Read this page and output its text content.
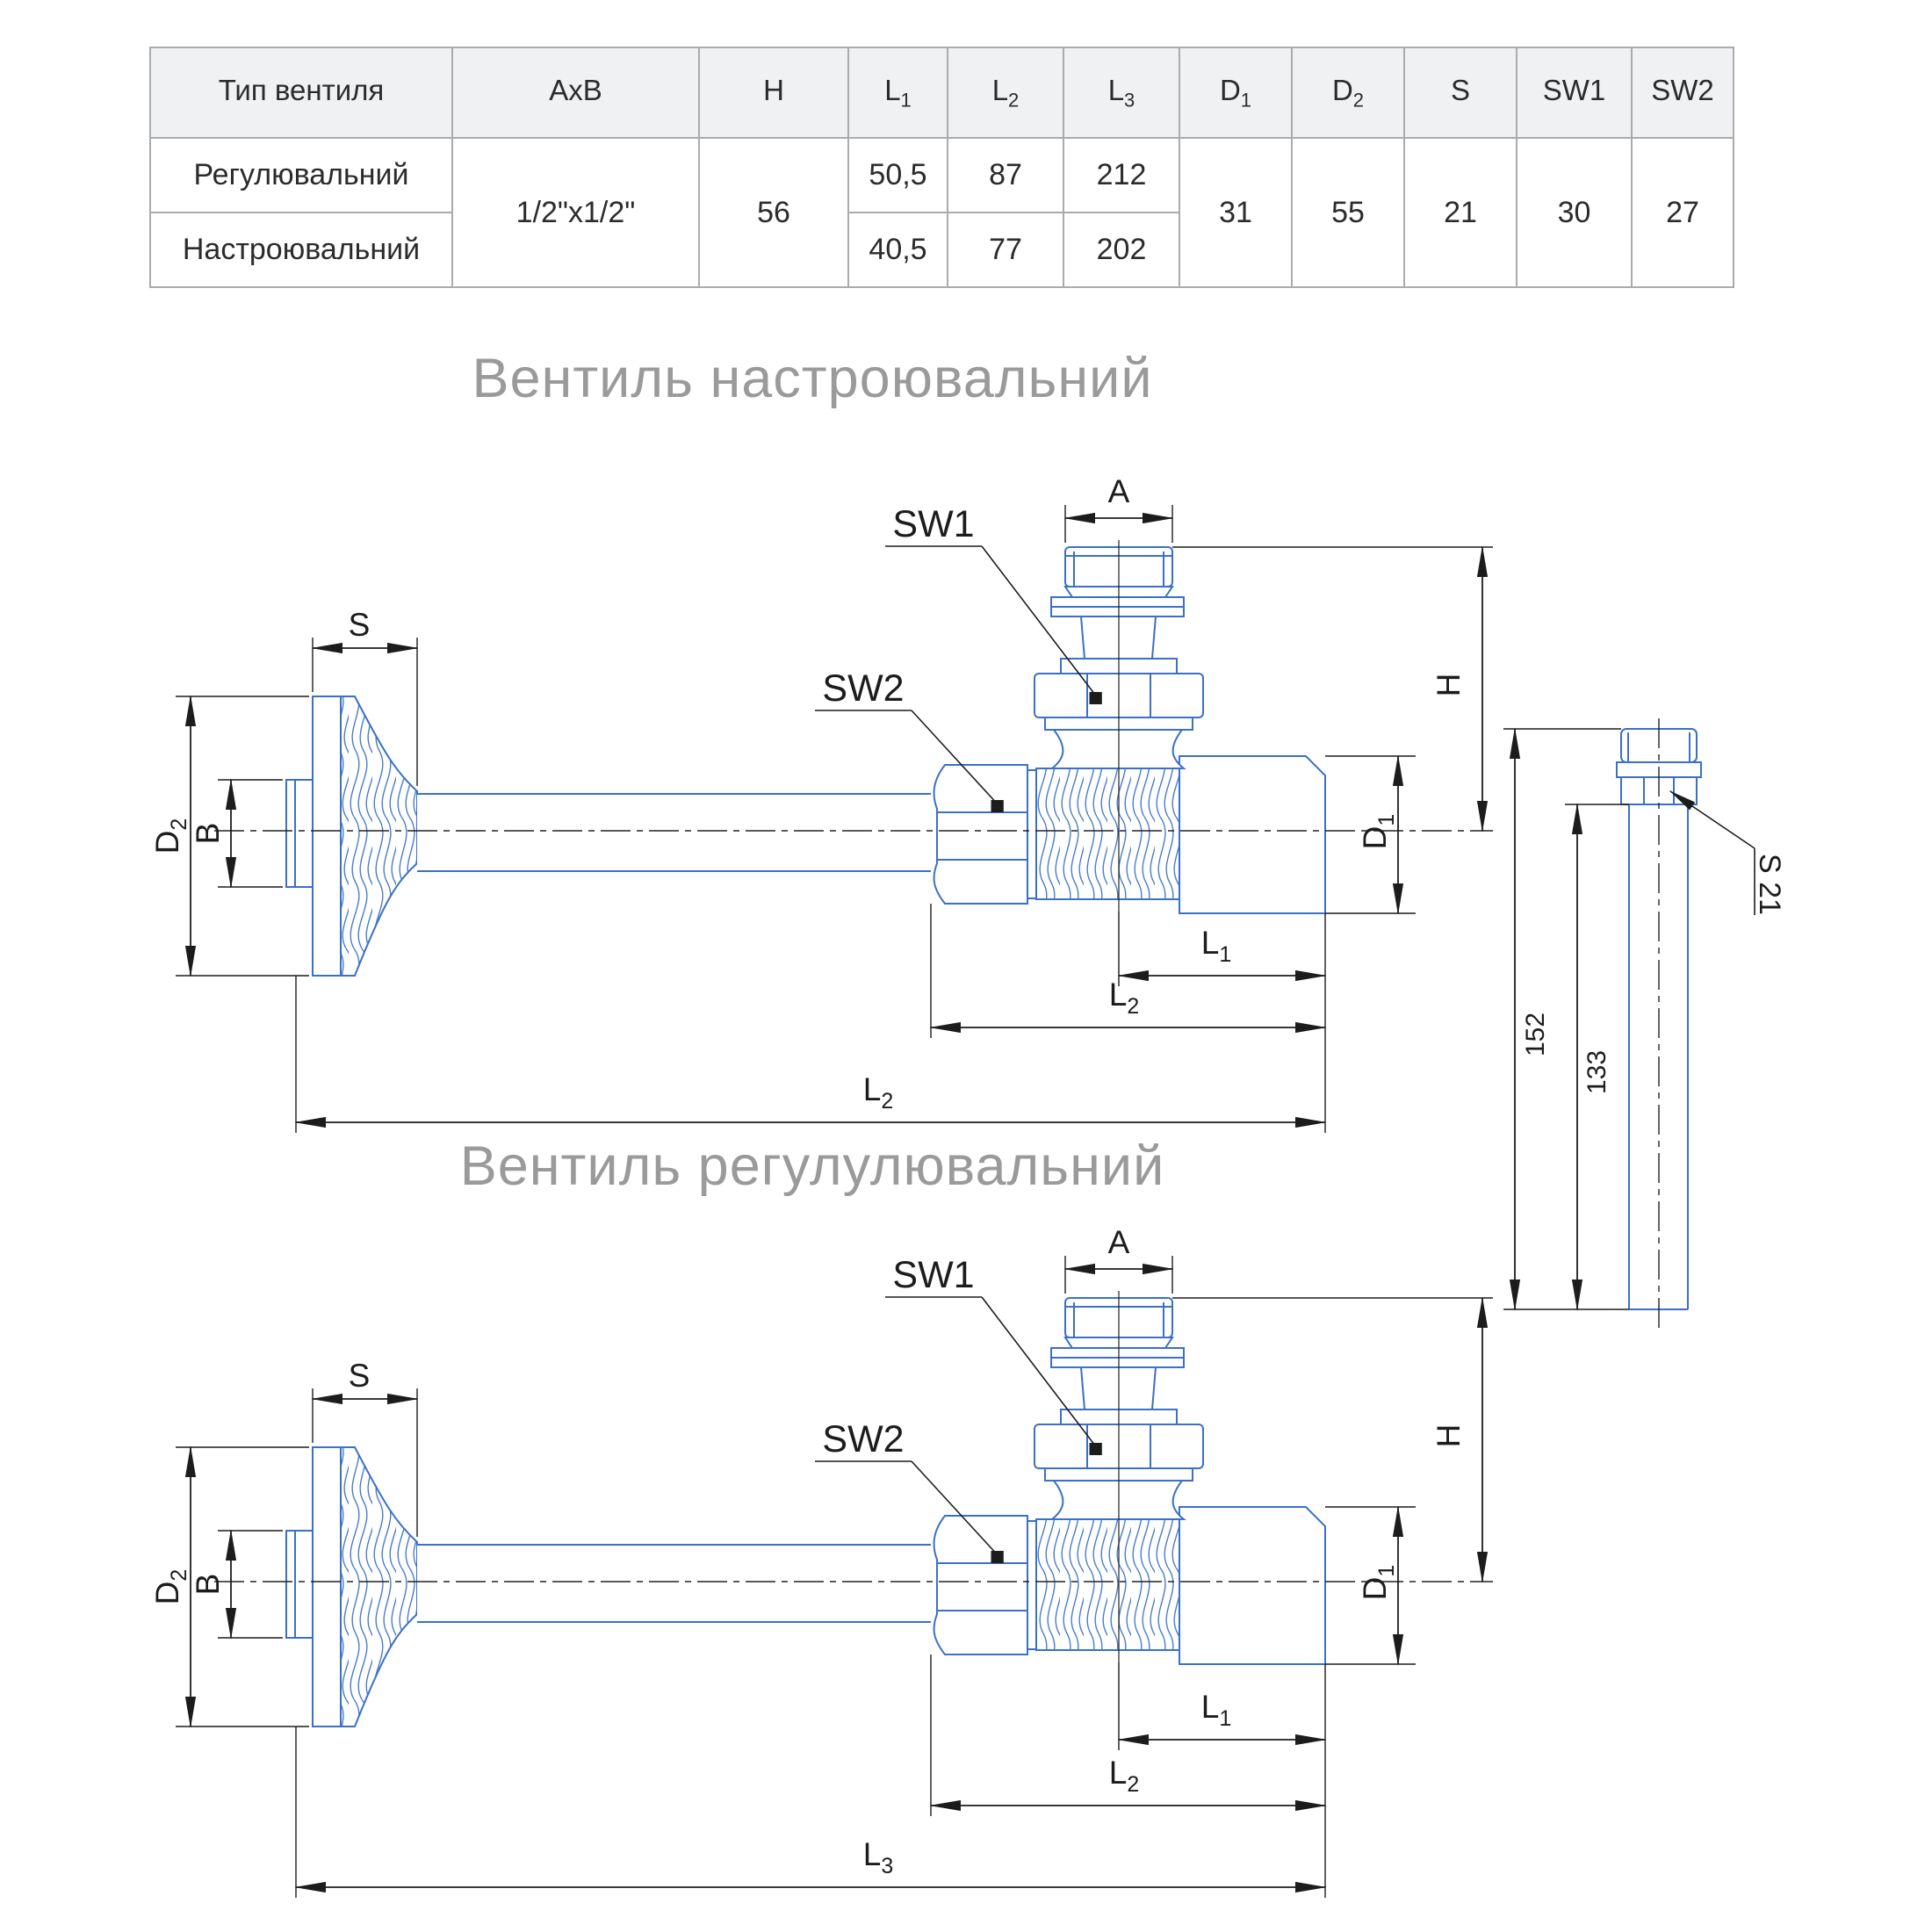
Тип вентиля	AxB	H	$L_1$	$L_2$	$L_3$	$D_1$	$D_2$	S	SW1	SW2
Регулювальний	1/2"x1/2"	56	50,5	87	212	31	55	21	30	27
Настроювальний			40,5	77	202					
Вентиль настроювальний
Вентиль регулулювальний
S
$D_2$
B
A
SW1
SW2	H
$D_1$
$L_1$
$L_2$
$L_2$
152
133
S 21
S
$D_2$
B
A
SW1
SW2	H
$D_1$
$L_1$
$L_2$
$L_3$
